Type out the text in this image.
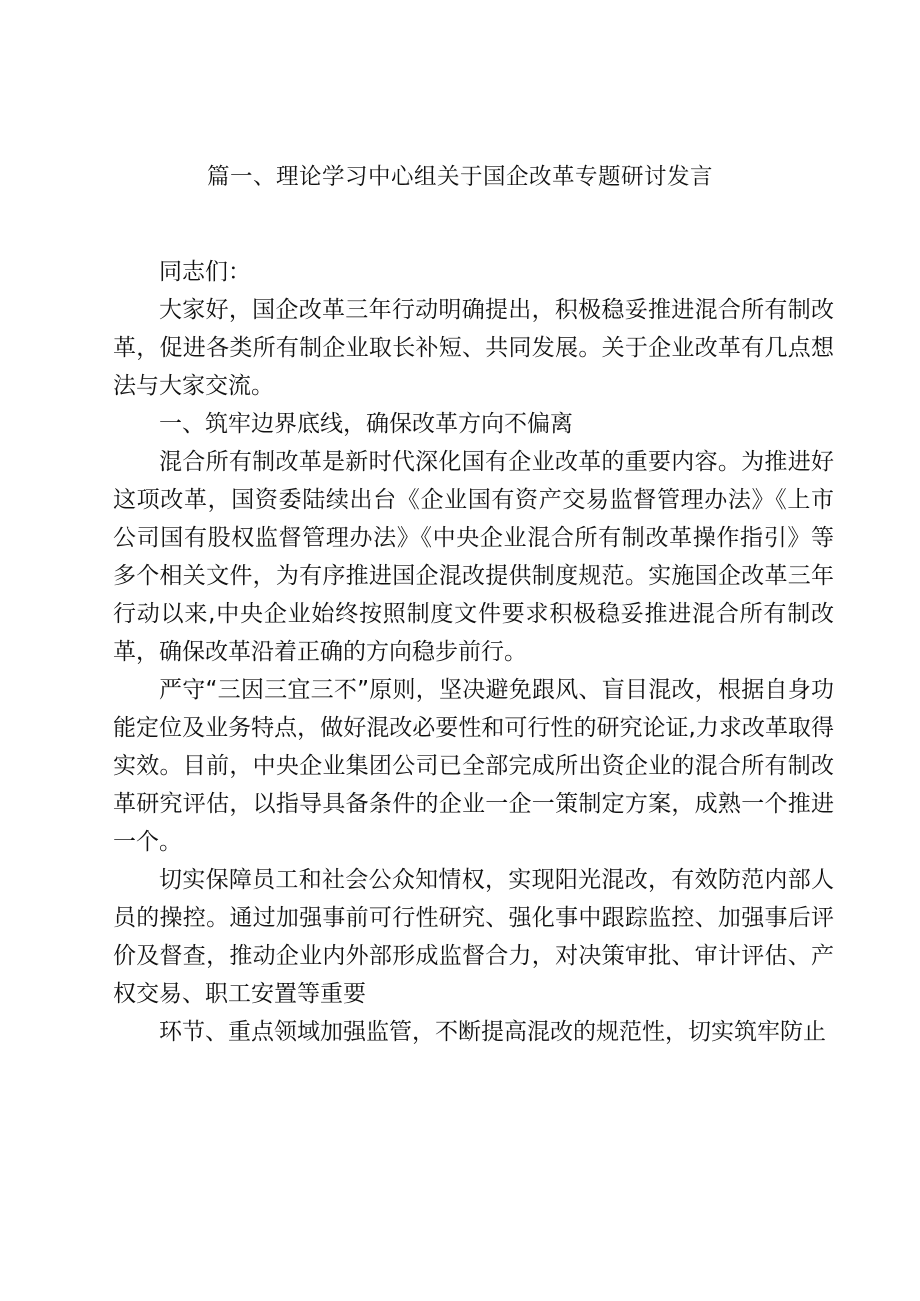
篇一、理论学习中心组关于国企改革专题研讨发言

同志们：

大家好，国企改革三年行动明确提出，积极稳妥推进混合所有制改革，促进各类所有制企业取长补短、共同发展。关于企业改革有几点想法与大家交流。

一、筑牢边界底线，确保改革方向不偏离

混合所有制改革是新时代深化国有企业改革的重要内容。为推进好这项改革，国资委陆续出台《企业国有资产交易监督管理办法》《上市公司国有股权监督管理办法》《中央企业混合所有制改革操作指引》等多个相关文件，为有序推进国企混改提供制度规范。实施国企改革三年行动以来,中央企业始终按照制度文件要求积极稳妥推进混合所有制改革，确保改革沿着正确的方向稳步前行。

严守“三因三宜三不”原则，坚决避免跟风、盲目混改，根据自身功能定位及业务特点，做好混改必要性和可行性的研究论证,力求改革取得实效。目前，中央企业集团公司已全部完成所出资企业的混合所有制改革研究评估，以指导具备条件的企业一企一策制定方案，成熟一个推进一个。

切实保障员工和社会公众知情权，实现阳光混改，有效防范内部人员的操控。通过加强事前可行性研究、强化事中跟踪监控、加强事后评价及督查，推动企业内外部形成监督合力，对决策审批、审计评估、产权交易、职工安置等重要

环节、重点领域加强监管，不断提高混改的规范性，切实筑牢防止
